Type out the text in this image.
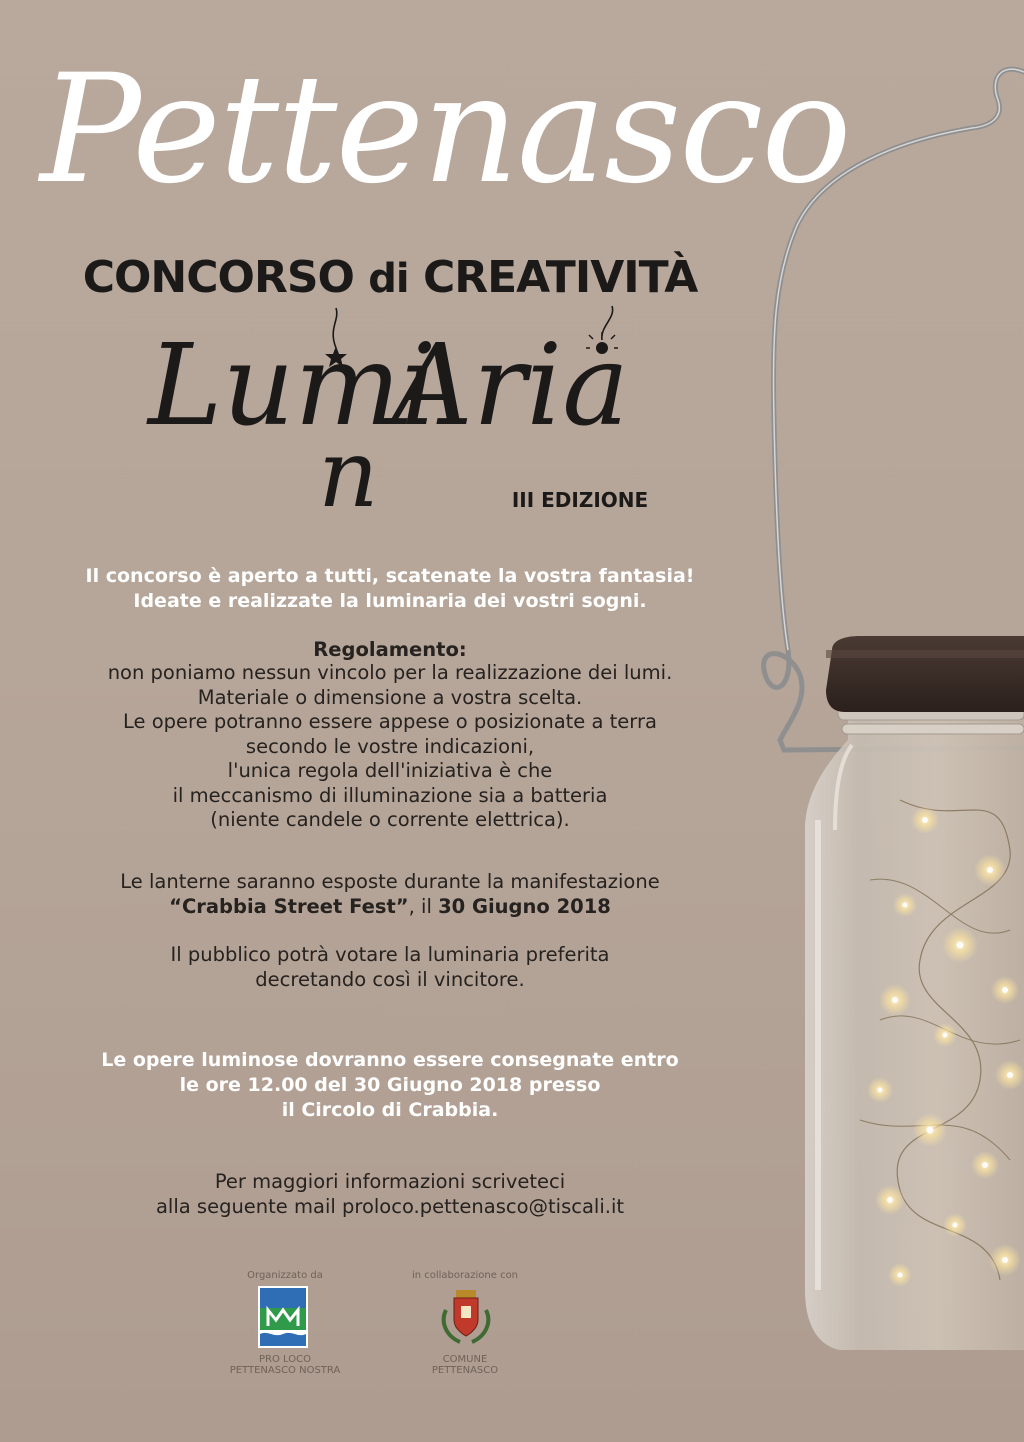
Pettenasco
CONCORSO di CREATIVITÀ
Lumi
Aria
n	III EDIZIONE
Il concorso è aperto a tutti, scatenate la vostra fantasia!
Ideate e realizzate la luminaria dei vostri sogni.
Regolamento:
non poniamo nessun vincolo per la realizzazione dei lumi.
Materiale o dimensione a vostra scelta.
Le opere potranno essere appese o posizionate a terra
secondo le vostre indicazioni,
l'unica regola dell'iniziativa è che
il meccanismo di illuminazione sia a batteria
(niente candele o corrente elettrica).
Le lanterne saranno esposte durante la manifestazione
“Crabbia Street Fest”, il 30 Giugno 2018
Il pubblico potrà votare la luminaria preferita
decretando così il vincitore.
Le opere luminose dovranno essere consegnate entro
le ore 12.00 del 30 Giugno 2018 presso
il Circolo di Crabbia.
Per maggiori informazioni scriveteci
alla seguente mail proloco.pettenasco@tiscali.it
Organizzato da
PRO LOCO
PETTENASCO NOSTRA
in collaborazione con
COMUNE
PETTENASCO
